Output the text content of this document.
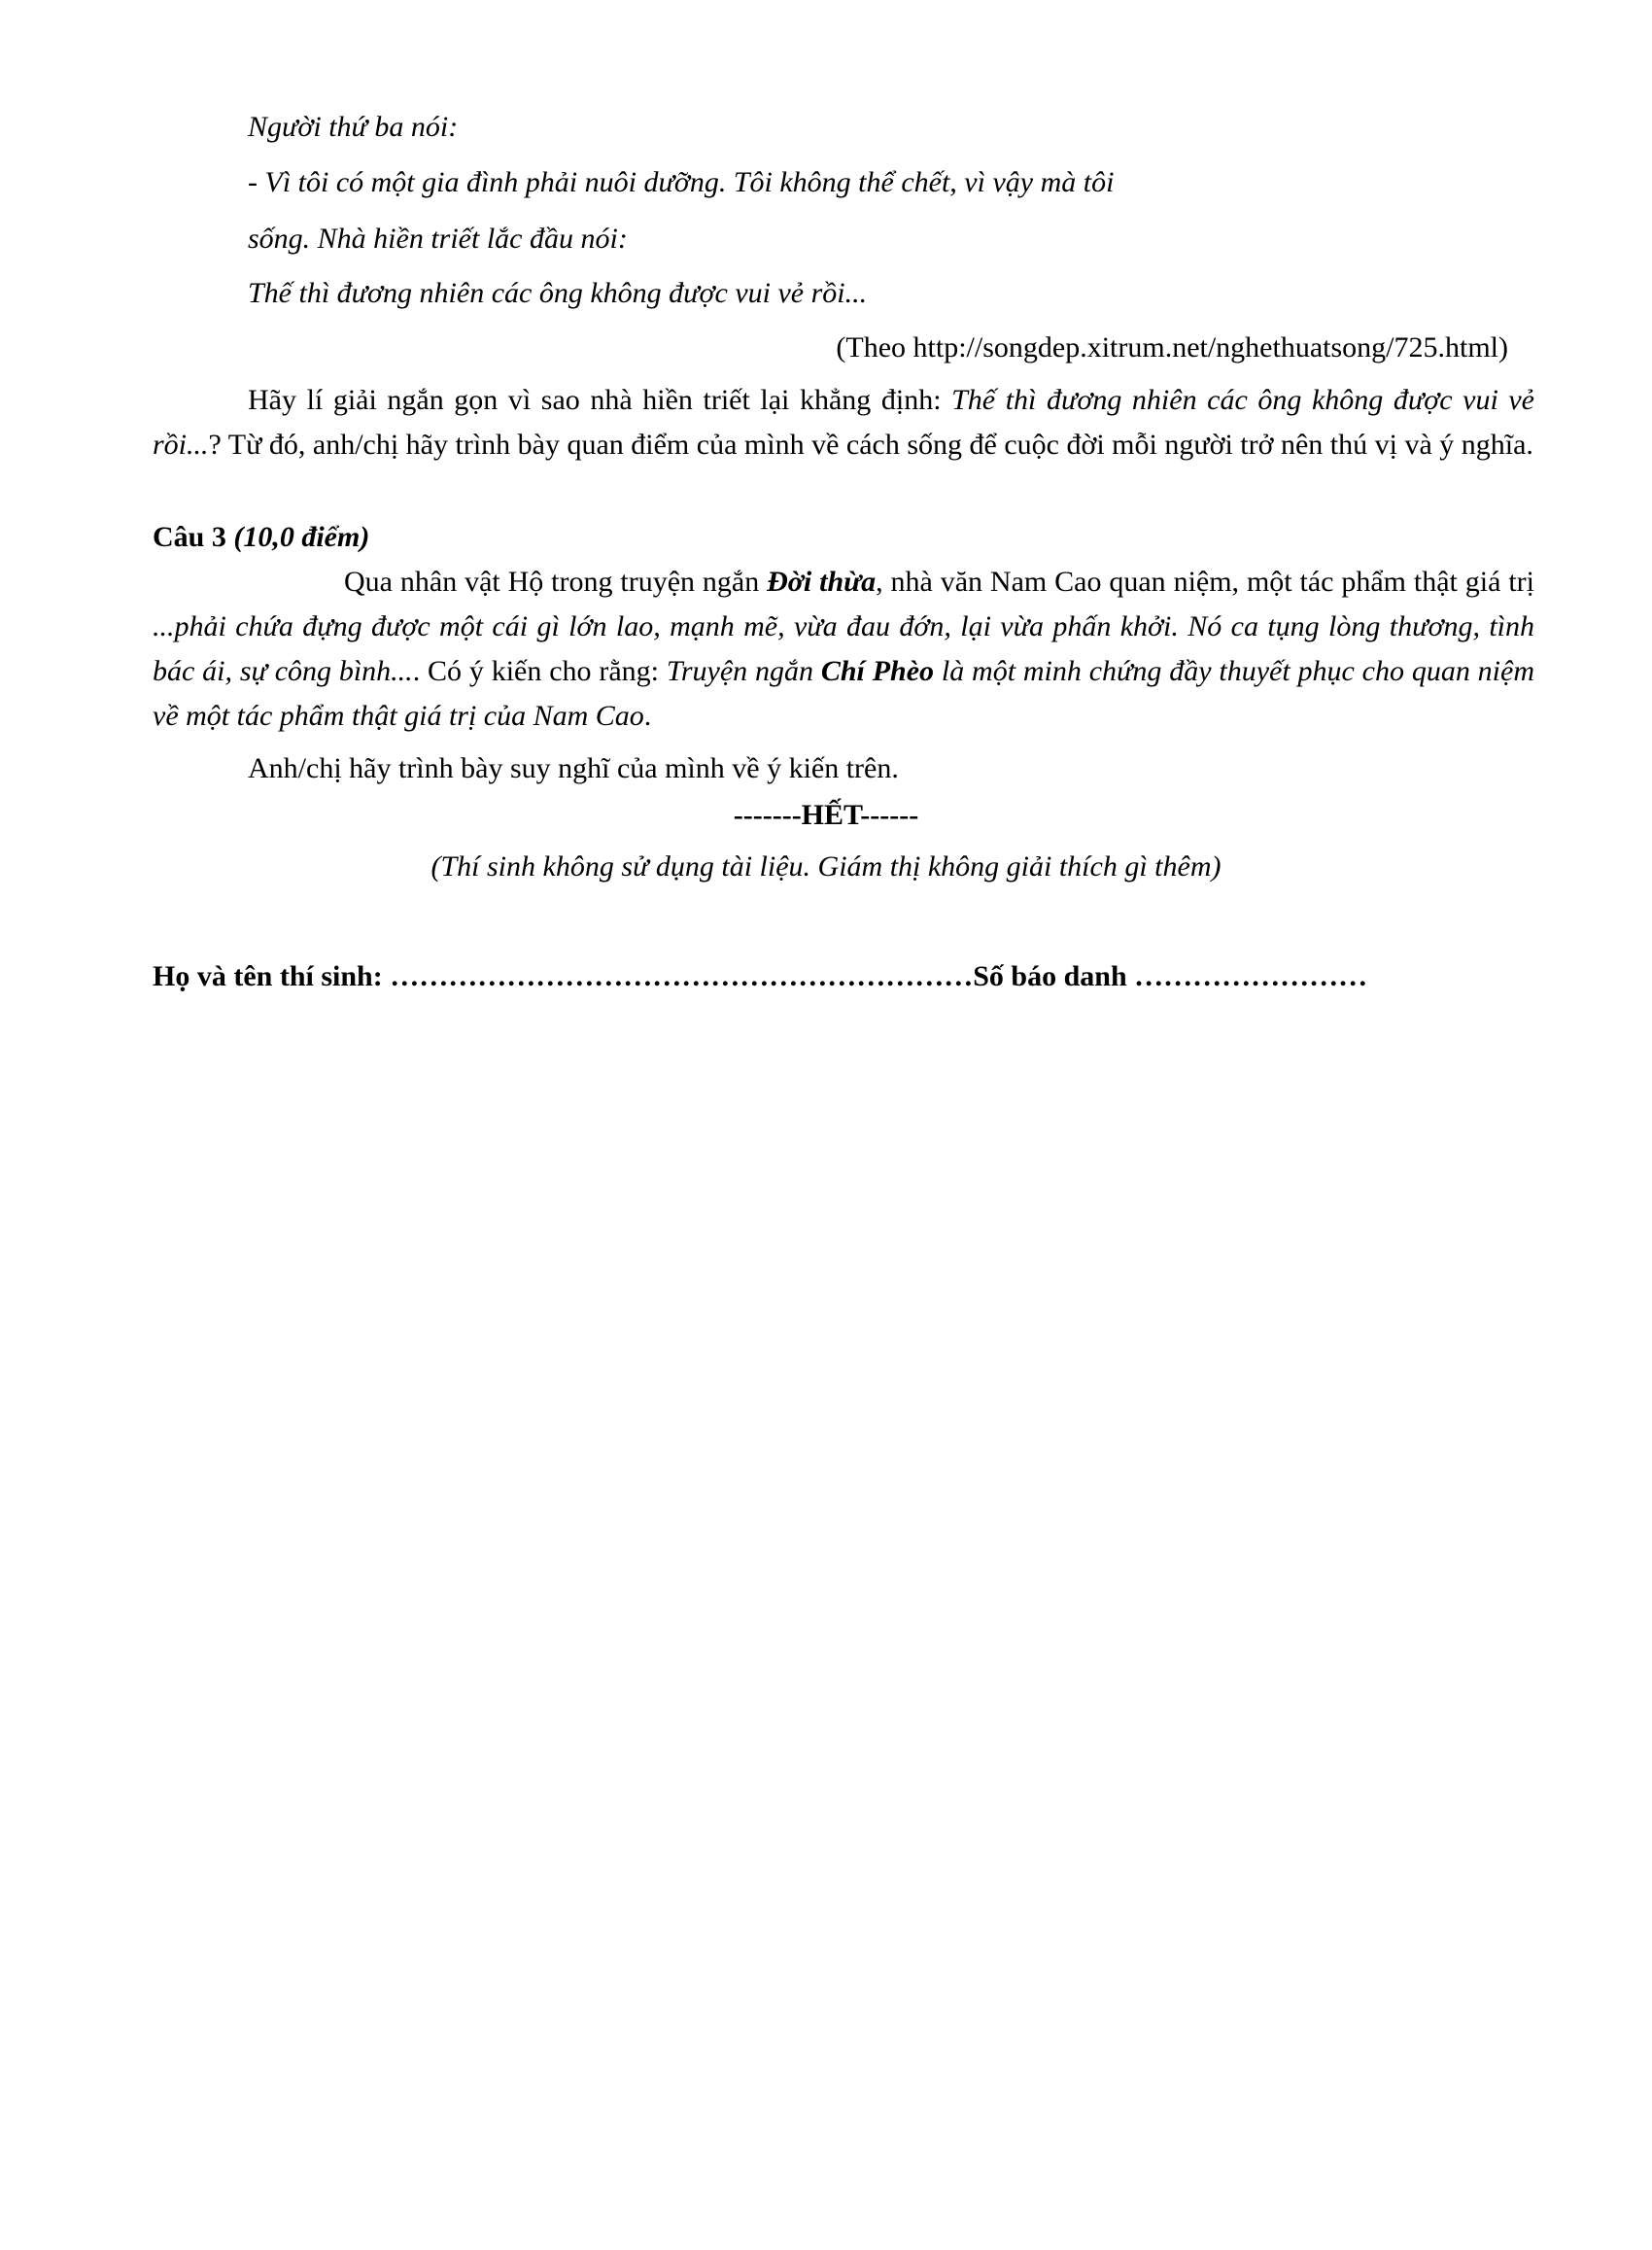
Người thứ ba nói:
- Vì tôi có một gia đình phải nuôi dưỡng. Tôi không thể chết, vì vậy mà tôi
sống. Nhà hiền triết lắc đầu nói:
Thế thì đương nhiên các ông không được vui vẻ rồi...
(Theo http://songdep.xitrum.net/nghethuatsong/725.html)

Hãy lí giải ngắn gọn vì sao nhà hiền triết lại khẳng định: Thế thì đương nhiên các ông không được vui vẻ rồi...? Từ đó, anh/chị hãy trình bày quan điểm của mình về cách sống để cuộc đời mỗi người trở nên thú vị và ý nghĩa.

Câu 3 (10,0 điểm)

Qua nhân vật Hộ trong truyện ngắn Đời thừa, nhà văn Nam Cao quan niệm, một tác phẩm thật giá trị ...phải chứa đựng được một cái gì lớn lao, mạnh mẽ, vừa đau đớn, lại vừa phấn khởi. Nó ca tụng lòng thương, tình bác ái, sự công bình.... Có ý kiến cho rằng: Truyện ngắn Chí Phèo là một minh chứng đầy thuyết phục cho quan niệm về một tác phẩm thật giá trị của Nam Cao.

Anh/chị hãy trình bày suy nghĩ của mình về ý kiến trên.

-------HẾT------
(Thí sinh không sử dụng tài liệu. Giám thị không giải thích gì thêm)
Họ và tên thí sinh: ……………………………………………………Số báo danh ……………………
